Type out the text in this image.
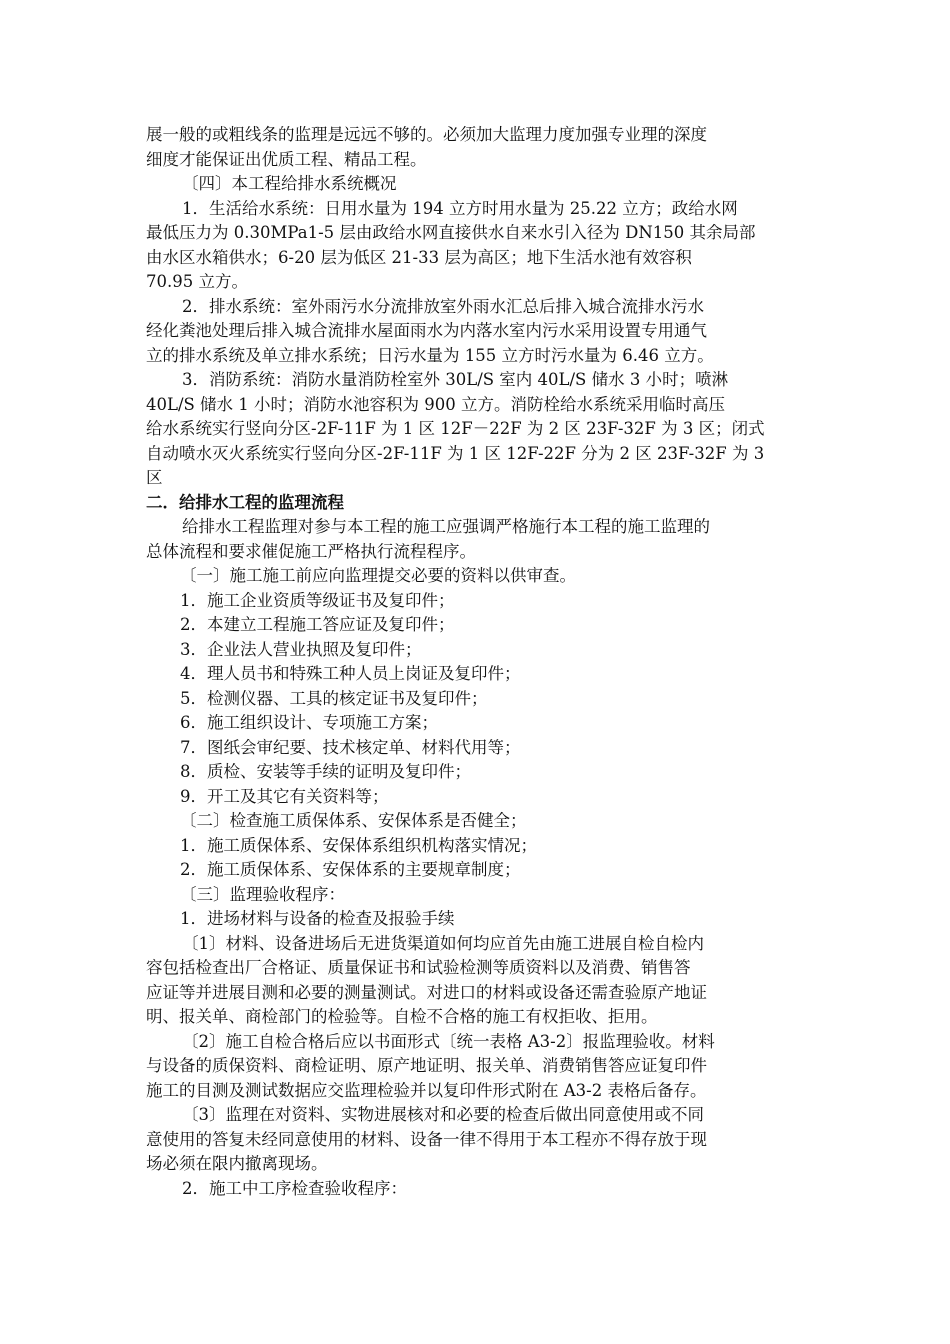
展一般的或粗线条的监理是远远不够的。必须加大监理力度加强专业理的深度
细度才能保证出优质工程、精品工程。
〔四〕本工程给排水系统概况
1．生活给水系统：日用水量为 194 立方时用水量为 25.22 立方；政给水网
最低压力为 0.30MPa1-5 层由政给水网直接供水自来水引入径为 DN150 其余局部
由水区水箱供水；6-20 层为低区 21-33 层为高区；地下生活水池有效容积
70.95 立方。
2．排水系统：室外雨污水分流排放室外雨水汇总后排入城合流排水污水
经化粪池处理后排入城合流排水屋面雨水为内落水室内污水采用设置专用通气
立的排水系统及单立排水系统；日污水量为 155 立方时污水量为 6.46 立方。
3．消防系统：消防水量消防栓室外 30L/S 室内 40L/S 储水 3 小时；喷淋
40L/S 储水 1 小时；消防水池容积为 900 立方。消防栓给水系统采用临时高压
给水系统实行竖向分区-2F-11F 为 1 区 12F－22F 为 2 区 23F-32F 为 3 区；闭式
自动喷水灭火系统实行竖向分区-2F-11F 为 1 区 12F-22F 分为 2 区 23F-32F 为 3
区
二．给排水工程的监理流程
给排水工程监理对参与本工程的施工应强调严格施行本工程的施工监理的
总体流程和要求催促施工严格执行流程程序。
〔一〕施工施工前应向监理提交必要的资料以供审查。
1．施工企业资质等级证书及复印件；
2．本建立工程施工答应证及复印件；
3．企业法人营业执照及复印件；
4．理人员书和特殊工种人员上岗证及复印件；
5．检测仪器、工具的核定证书及复印件；
6．施工组织设计、专项施工方案；
7．图纸会审纪要、技术核定单、材料代用等；
8．质检、安装等手续的证明及复印件；
9．开工及其它有关资料等；
〔二〕检查施工质保体系、安保体系是否健全；
1．施工质保体系、安保体系组织机构落实情况；
2．施工质保体系、安保体系的主要规章制度；
〔三〕监理验收程序：
1．进场材料与设备的检查及报验手续
〔1〕材料、设备进场后无进货渠道如何均应首先由施工进展自检自检内
容包括检查出厂合格证、质量保证书和试验检测等质资料以及消费、销售答
应证等并进展目测和必要的测量测试。对进口的材料或设备还需查验原产地证
明、报关单、商检部门的检验等。自检不合格的施工有权拒收、拒用。
〔2〕施工自检合格后应以书面形式〔统一表格 A3-2〕报监理验收。材料
与设备的质保资料、商检证明、原产地证明、报关单、消费销售答应证复印件
施工的目测及测试数据应交监理检验并以复印件形式附在 A3-2 表格后备存。
〔3〕监理在对资料、实物进展核对和必要的检查后做出同意使用或不同
意使用的答复未经同意使用的材料、设备一律不得用于本工程亦不得存放于现
场必须在限内撤离现场。
2．施工中工序检查验收程序：
